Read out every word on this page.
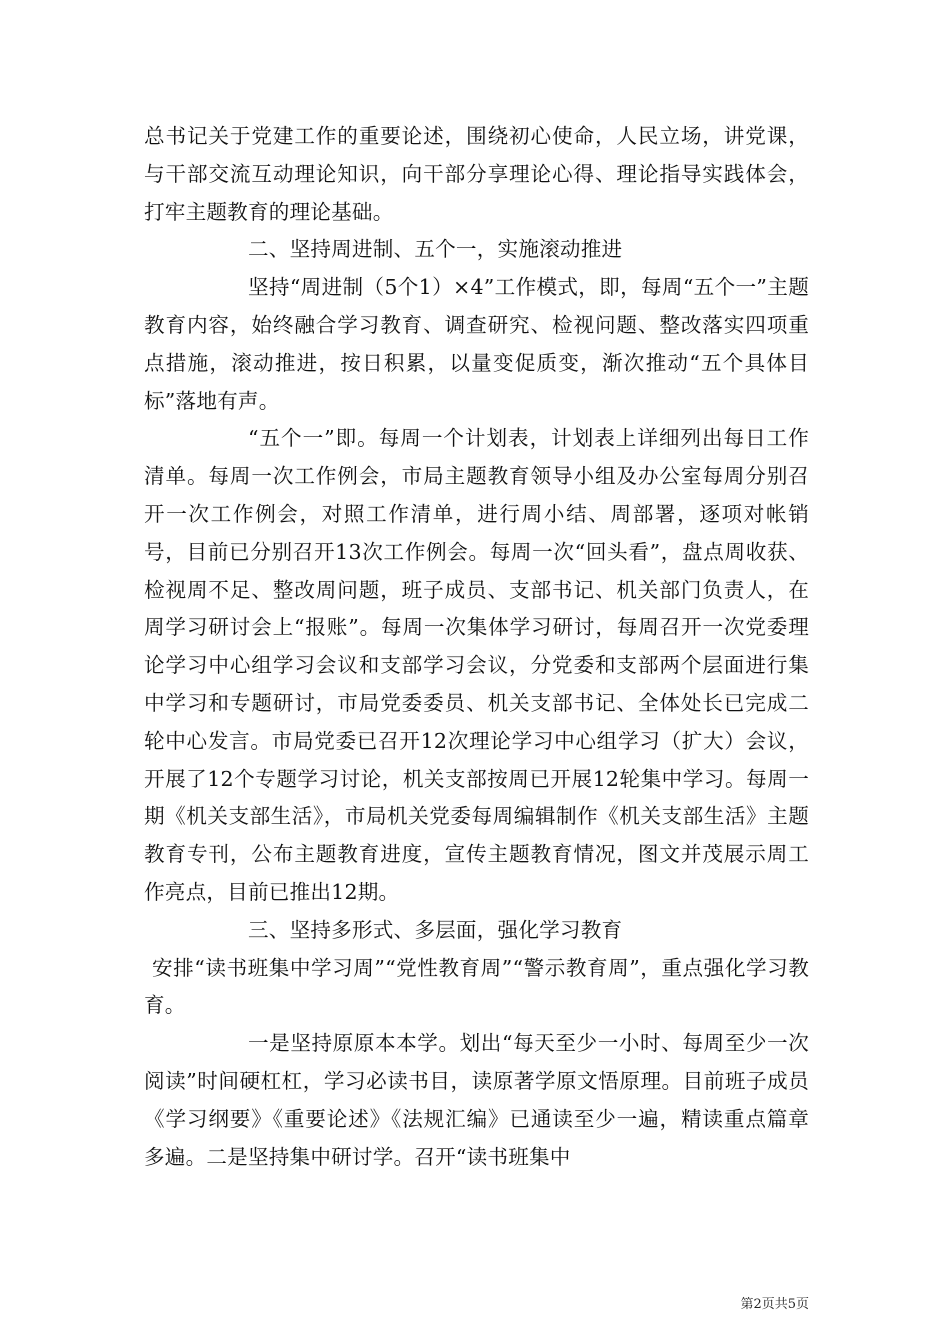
总书记关于党建工作的重要论述，围绕初心使命，人民立场，讲党课，与干部交流互动理论知识，向干部分享理论心得、理论指导实践体会，打牢主题教育的理论基础。

二、坚持周进制、五个一，实施滚动推进

坚持“周进制（5个1）×4”工作模式，即，每周“五个一”主题教育内容，始终融合学习教育、调查研究、检视问题、整改落实四项重点措施，滚动推进，按日积累，以量变促质变，渐次推动“五个具体目标”落地有声。

“五个一”即。每周一个计划表，计划表上详细列出每日工作清单。每周一次工作例会，市局主题教育领导小组及办公室每周分别召开一次工作例会，对照工作清单，进行周小结、周部署，逐项对帐销号，目前已分别召开13次工作例会。每周一次“回头看”，盘点周收获、检视周不足、整改周问题，班子成员、支部书记、机关部门负责人，在周学习研讨会上“报账”。每周一次集体学习研讨，每周召开一次党委理论学习中心组学习会议和支部学习会议，分党委和支部两个层面进行集中学习和专题研讨，市局党委委员、机关支部书记、全体处长已完成二轮中心发言。市局党委已召开12次理论学习中心组学习（扩大）会议，开展了12个专题学习讨论，机关支部按周已开展12轮集中学习。每周一期《机关支部生活》，市局机关党委每周编辑制作《机关支部生活》主题教育专刊，公布主题教育进度，宣传主题教育情况，图文并茂展示周工作亮点，目前已推出12期。

三、坚持多形式、多层面，强化学习教育

安排“读书班集中学习周”“党性教育周”“警示教育周”，重点强化学习教育。

一是坚持原原本本学。划出“每天至少一小时、每周至少一次阅读”时间硬杠杠，学习必读书目，读原著学原文悟原理。目前班子成员《学习纲要》《重要论述》《法规汇编》已通读至少一遍，精读重点篇章多遍。二是坚持集中研讨学。召开“读书班集中

第2页共5页
